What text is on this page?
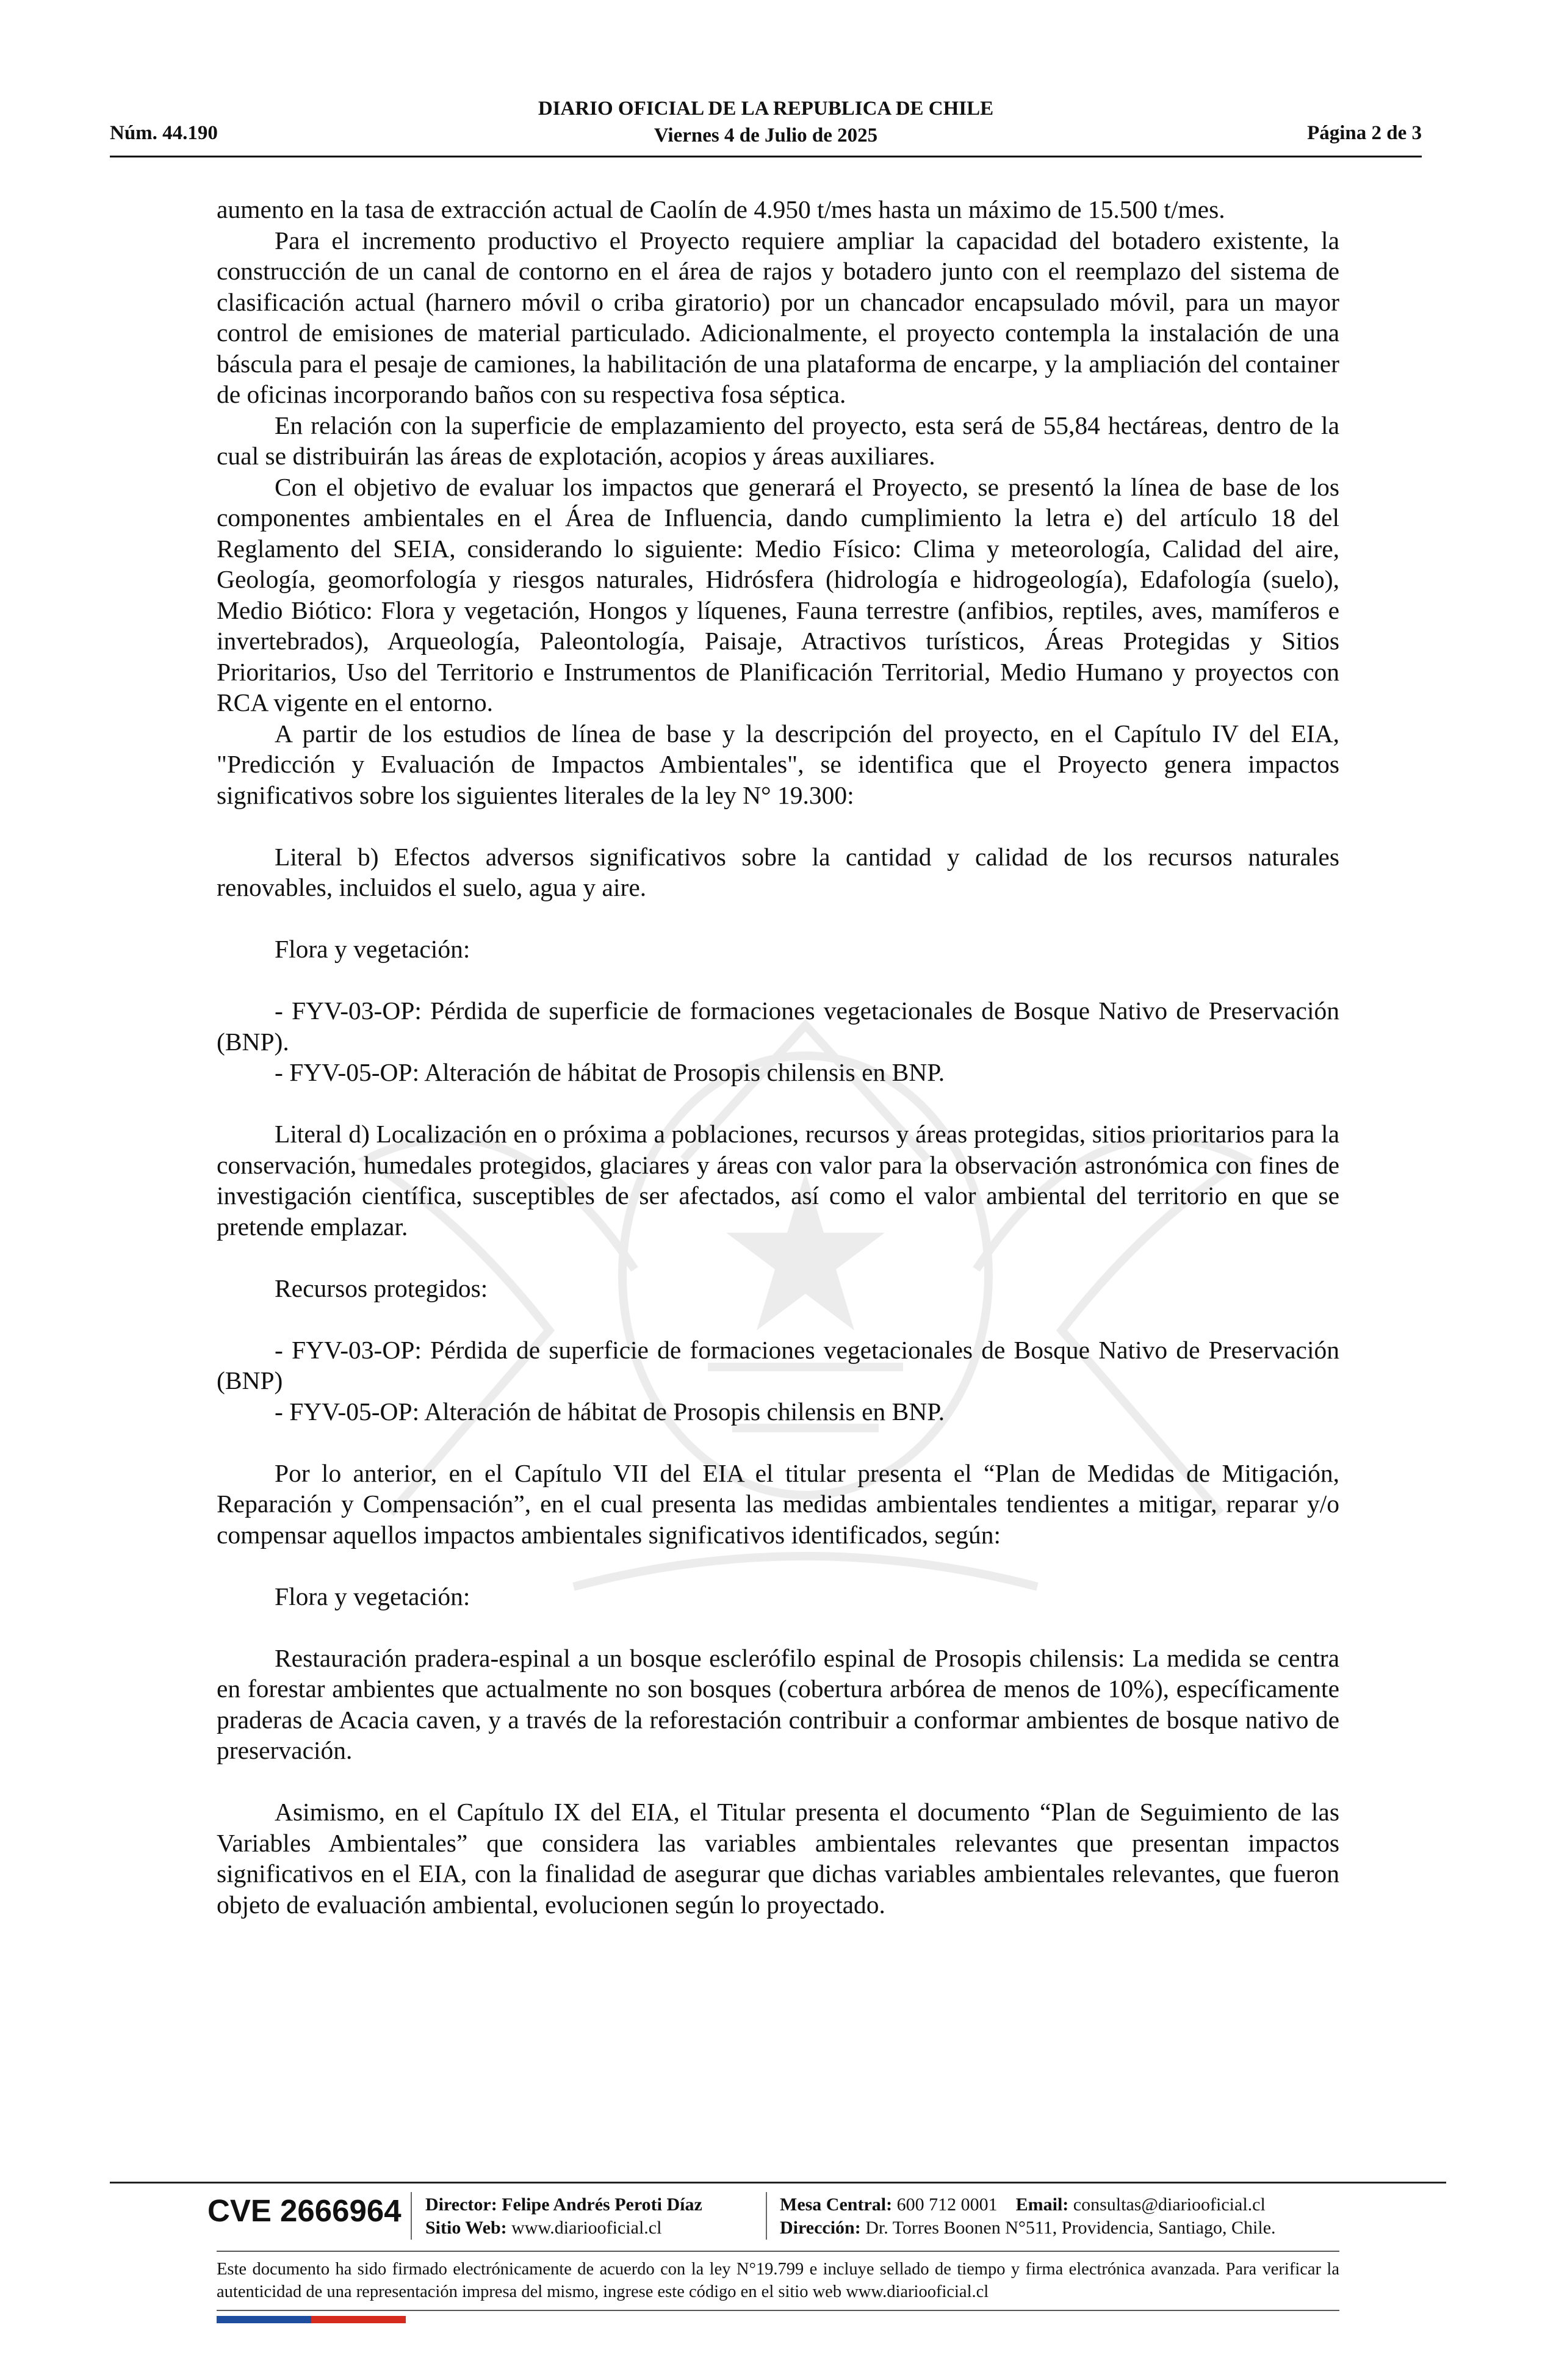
DIARIO OFICIAL DE LA REPUBLICA DE CHILE
Viernes 4 de Julio de 2025
Núm. 44.190	Página 2 de 3

aumento en la tasa de extracción actual de Caolín de 4.950 t/mes hasta un máximo de 15.500 t/mes.

Para el incremento productivo el Proyecto requiere ampliar la capacidad del botadero existente, la construcción de un canal de contorno en el área de rajos y botadero junto con el reemplazo del sistema de clasificación actual (harnero móvil o criba giratorio) por un chancador encapsulado móvil, para un mayor control de emisiones de material particulado. Adicionalmente, el proyecto contempla la instalación de una báscula para el pesaje de camiones, la habilitación de una plataforma de encarpe, y la ampliación del container de oficinas incorporando baños con su respectiva fosa séptica.

En relación con la superficie de emplazamiento del proyecto, esta será de 55,84 hectáreas, dentro de la cual se distribuirán las áreas de explotación, acopios y áreas auxiliares.

Con el objetivo de evaluar los impactos que generará el Proyecto, se presentó la línea de base de los componentes ambientales en el Área de Influencia, dando cumplimiento la letra e) del artículo 18 del Reglamento del SEIA, considerando lo siguiente: Medio Físico: Clima y meteorología, Calidad del aire, Geología, geomorfología y riesgos naturales, Hidrósfera (hidrología e hidrogeología), Edafología (suelo), Medio Biótico: Flora y vegetación, Hongos y líquenes, Fauna terrestre (anfibios, reptiles, aves, mamíferos e invertebrados), Arqueología, Paleontología, Paisaje, Atractivos turísticos, Áreas Protegidas y Sitios Prioritarios, Uso del Territorio e Instrumentos de Planificación Territorial, Medio Humano y proyectos con RCA vigente en el entorno.

A partir de los estudios de línea de base y la descripción del proyecto, en el Capítulo IV del EIA, "Predicción y Evaluación de Impactos Ambientales", se identifica que el Proyecto genera impactos significativos sobre los siguientes literales de la ley N° 19.300:

Literal b) Efectos adversos significativos sobre la cantidad y calidad de los recursos naturales renovables, incluidos el suelo, agua y aire.

Flora y vegetación:

- FYV-03-OP: Pérdida de superficie de formaciones vegetacionales de Bosque Nativo de Preservación (BNP).

- FYV-05-OP: Alteración de hábitat de Prosopis chilensis en BNP.

Literal d) Localización en o próxima a poblaciones, recursos y áreas protegidas, sitios prioritarios para la conservación, humedales protegidos, glaciares y áreas con valor para la observación astronómica con fines de investigación científica, susceptibles de ser afectados, así como el valor ambiental del territorio en que se pretende emplazar.

Recursos protegidos:

- FYV-03-OP: Pérdida de superficie de formaciones vegetacionales de Bosque Nativo de Preservación (BNP)

- FYV-05-OP: Alteración de hábitat de Prosopis chilensis en BNP.

Por lo anterior, en el Capítulo VII del EIA el titular presenta el “Plan de Medidas de Mitigación, Reparación y Compensación”, en el cual presenta las medidas ambientales tendientes a mitigar, reparar y/o compensar aquellos impactos ambientales significativos identificados, según:

Flora y vegetación:

Restauración pradera-espinal a un bosque esclerófilo espinal de Prosopis chilensis: La medida se centra en forestar ambientes que actualmente no son bosques (cobertura arbórea de menos de 10%), específicamente praderas de Acacia caven, y a través de la reforestación contribuir a conformar ambientes de bosque nativo de preservación.

Asimismo, en el Capítulo IX del EIA, el Titular presenta el documento “Plan de Seguimiento de las Variables Ambientales” que considera las variables ambientales relevantes que presentan impactos significativos en el EIA, con la finalidad de asegurar que dichas variables ambientales relevantes, que fueron objeto de evaluación ambiental, evolucionen según lo proyectado.

CVE 2666964 Director: Felipe Andrés Peroti Díaz
Sitio Web: www.diariooficial.cl
Mesa Central: 600 712 0001 Email: consultas@diariooficial.cl
Dirección: Dr. Torres Boonen N°511, Providencia, Santiago, Chile.
Este documento ha sido firmado electrónicamente de acuerdo con la ley N°19.799 e incluye sellado de tiempo y firma electrónica avanzada. Para verificar la autenticidad de una representación impresa del mismo, ingrese este código en el sitio web www.diariooficial.cl
